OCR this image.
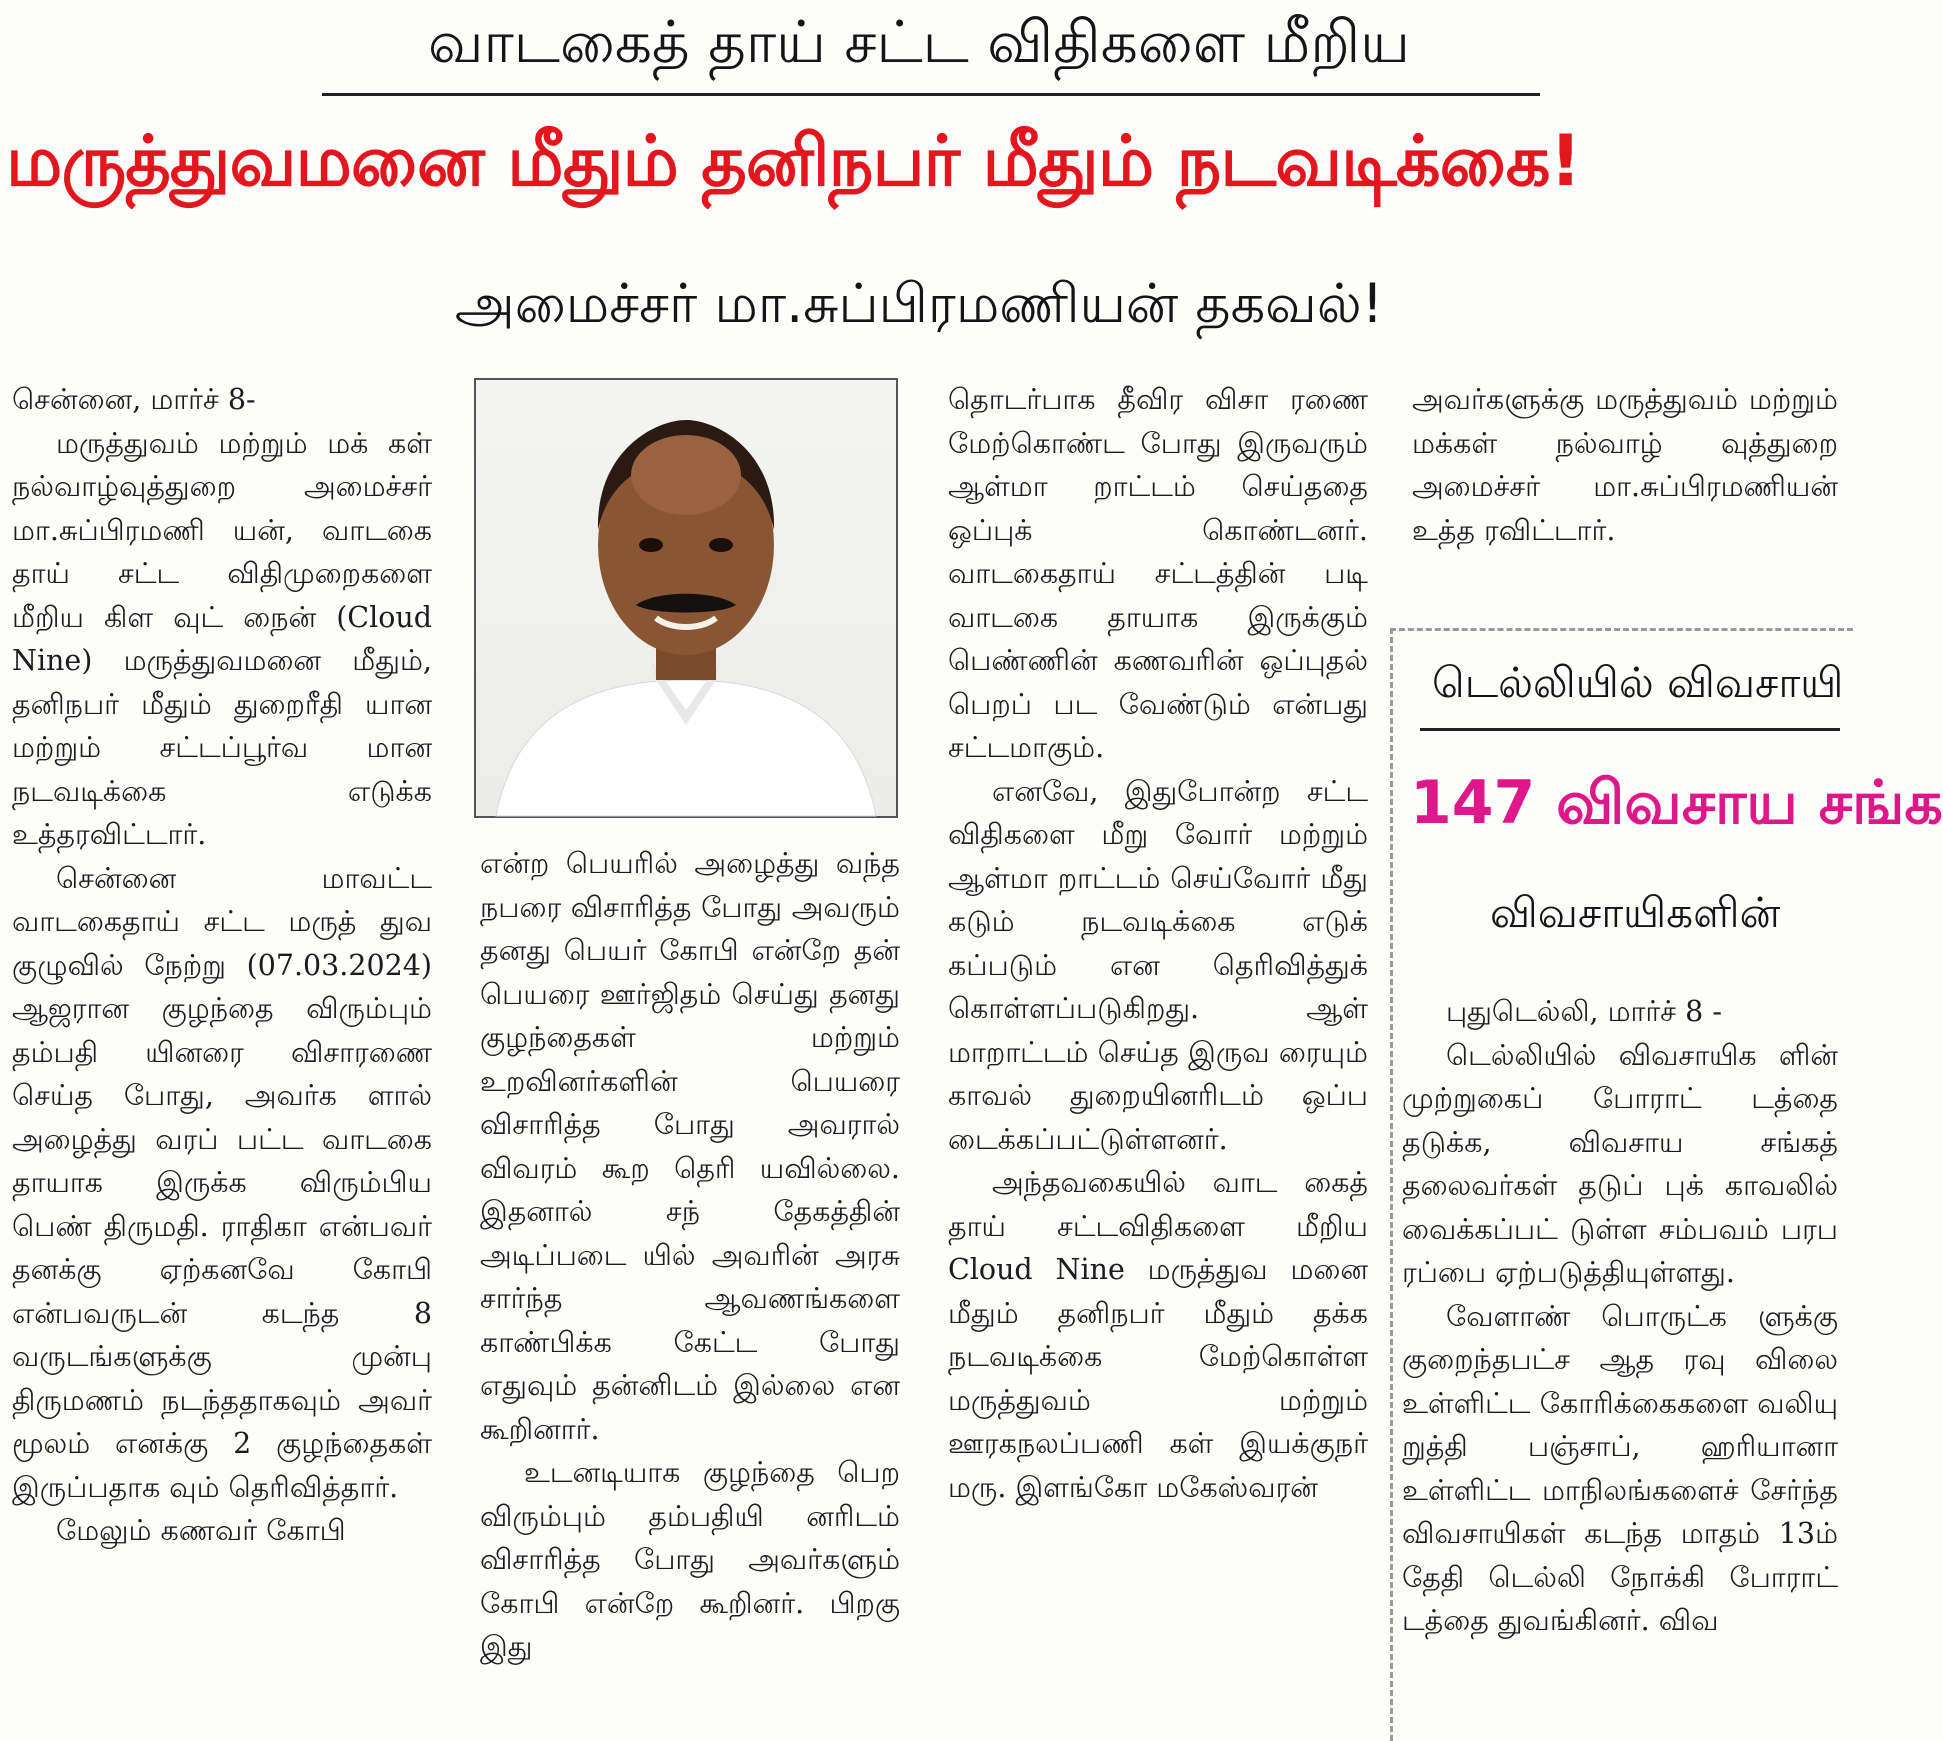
வாடகைத் தாய் சட்ட விதிகளை மீறிய
மருத்துவமனை மீதும் தனிநபர் மீதும் நடவடிக்கை!
அமைச்சர் மா.சுப்பிரமணியன் தகவல்!

சென்னை, மார்ச் 8-

மருத்துவம் மற்றும் மக் கள் நல்வாழ்வுத்துறை அமைச்சர் மா.சுப்பிரமணி யன், வாடகை தாய் சட்ட விதிமுறைகளை மீறிய கிள வுட் நைன் (Cloud Nine) மருத்துவமனை மீதும், தனிநபர் மீதும் துறைரீதி யான மற்றும் சட்டப்பூர்வ மான நடவடிக்கை எடுக்க உத்தரவிட்டார்.

சென்னை மாவட்ட வாடகைதாய் சட்ட மருத் துவ குழுவில் நேற்று (07.03.2024) ஆஜரான குழந்தை விரும்பும் தம்பதி யினரை விசாரணை செய்த போது, அவர்க ளால் அழைத்து வரப் பட்ட வாடகை தாயாக இருக்க விரும்பிய பெண் திருமதி. ராதிகா என்பவர் தனக்கு ஏற்கனவே கோபி என்பவருடன் கடந்த 8 வருடங்களுக்கு முன்பு திருமணம் நடந்ததாகவும் அவர் மூலம் எனக்கு 2 குழந்தைகள் இருப்பதாக வும் தெரிவித்தார்.

மேலும் கணவர் கோபி

என்ற பெயரில் அழைத்து வந்த நபரை விசாரித்த போது அவரும் தனது பெயர் கோபி என்றே தன் பெயரை ஊர்ஜிதம் செய்து தனது குழந்தைகள் மற்றும் உறவினர்களின் பெயரை விசாரித்த போது அவரால் விவரம் கூற தெரி யவில்லை. இதனால் சந் தேகத்தின் அடிப்படை யில் அவரின் அரசு சார்ந்த ஆவணங்களை காண்பிக்க கேட்ட போது எதுவும் தன்னிடம் இல்லை என கூறினார்.

உடனடியாக குழந்தை பெற விரும்பும் தம்பதியி னரிடம் விசாரித்த போது அவர்களும் கோபி என்றே கூறினர். பிறகு இது

தொடர்பாக தீவிர விசா ரணை மேற்கொண்ட போது இருவரும் ஆள்மா றாட்டம் செய்ததை ஒப்புக் கொண்டனர். வாடகைதாய் சட்டத்தின் படி வாடகை தாயாக இருக்கும் பெண்ணின் கணவரின் ஒப்புதல் பெறப் பட வேண்டும் என்பது சட்டமாகும்.

எனவே, இதுபோன்ற சட்ட விதிகளை மீறு வோர் மற்றும் ஆள்மா றாட்டம் செய்வோர் மீது கடும் நடவடிக்கை எடுக் கப்படும் என தெரிவித்துக் கொள்ளப்படுகிறது. ஆள் மாறாட்டம் செய்த இருவ ரையும் காவல் துறையினரிடம் ஒப்ப டைக்கப்பட்டுள்ளனர்.

அந்தவகையில் வாட கைத் தாய் சட்டவிதிகளை மீறிய Cloud Nine மருத்துவ மனை மீதும் தனிநபர் மீதும் தக்க நடவடிக்கை மேற்கொள்ள மருத்துவம் மற்றும் ஊரகநலப்பணி கள் இயக்குநர் மரு. இளங்கோ மகேஸ்வரன்

அவர்களுக்கு மருத்துவம் மற்றும் மக்கள் நல்வாழ் வுத்துறை அமைச்சர் மா.சுப்பிரமணியன் உத்த ரவிட்டார்.

டெல்லியில் விவசாயி
147 விவசாய சங்க
விவசாயிகளின்

புதுடெல்லி, மார்ச் 8 -

டெல்லியில் விவசாயிக ளின் முற்றுகைப் போராட் டத்தை தடுக்க, விவசாய சங்கத் தலைவர்கள் தடுப் புக் காவலில் வைக்கப்பட் டுள்ள சம்பவம் பரப ரப்பை ஏற்படுத்தியுள்ளது.

வேளாண் பொருட்க ளுக்கு குறைந்தபட்ச ஆத ரவு விலை உள்ளிட்ட கோரிக்கைகளை வலியு றுத்தி பஞ்சாப், ஹரியானா உள்ளிட்ட மாநிலங்களைச் சேர்ந்த விவசாயிகள் கடந்த மாதம் 13ம் தேதி டெல்லி நோக்கி போராட் டத்தை துவங்கினர். விவ
